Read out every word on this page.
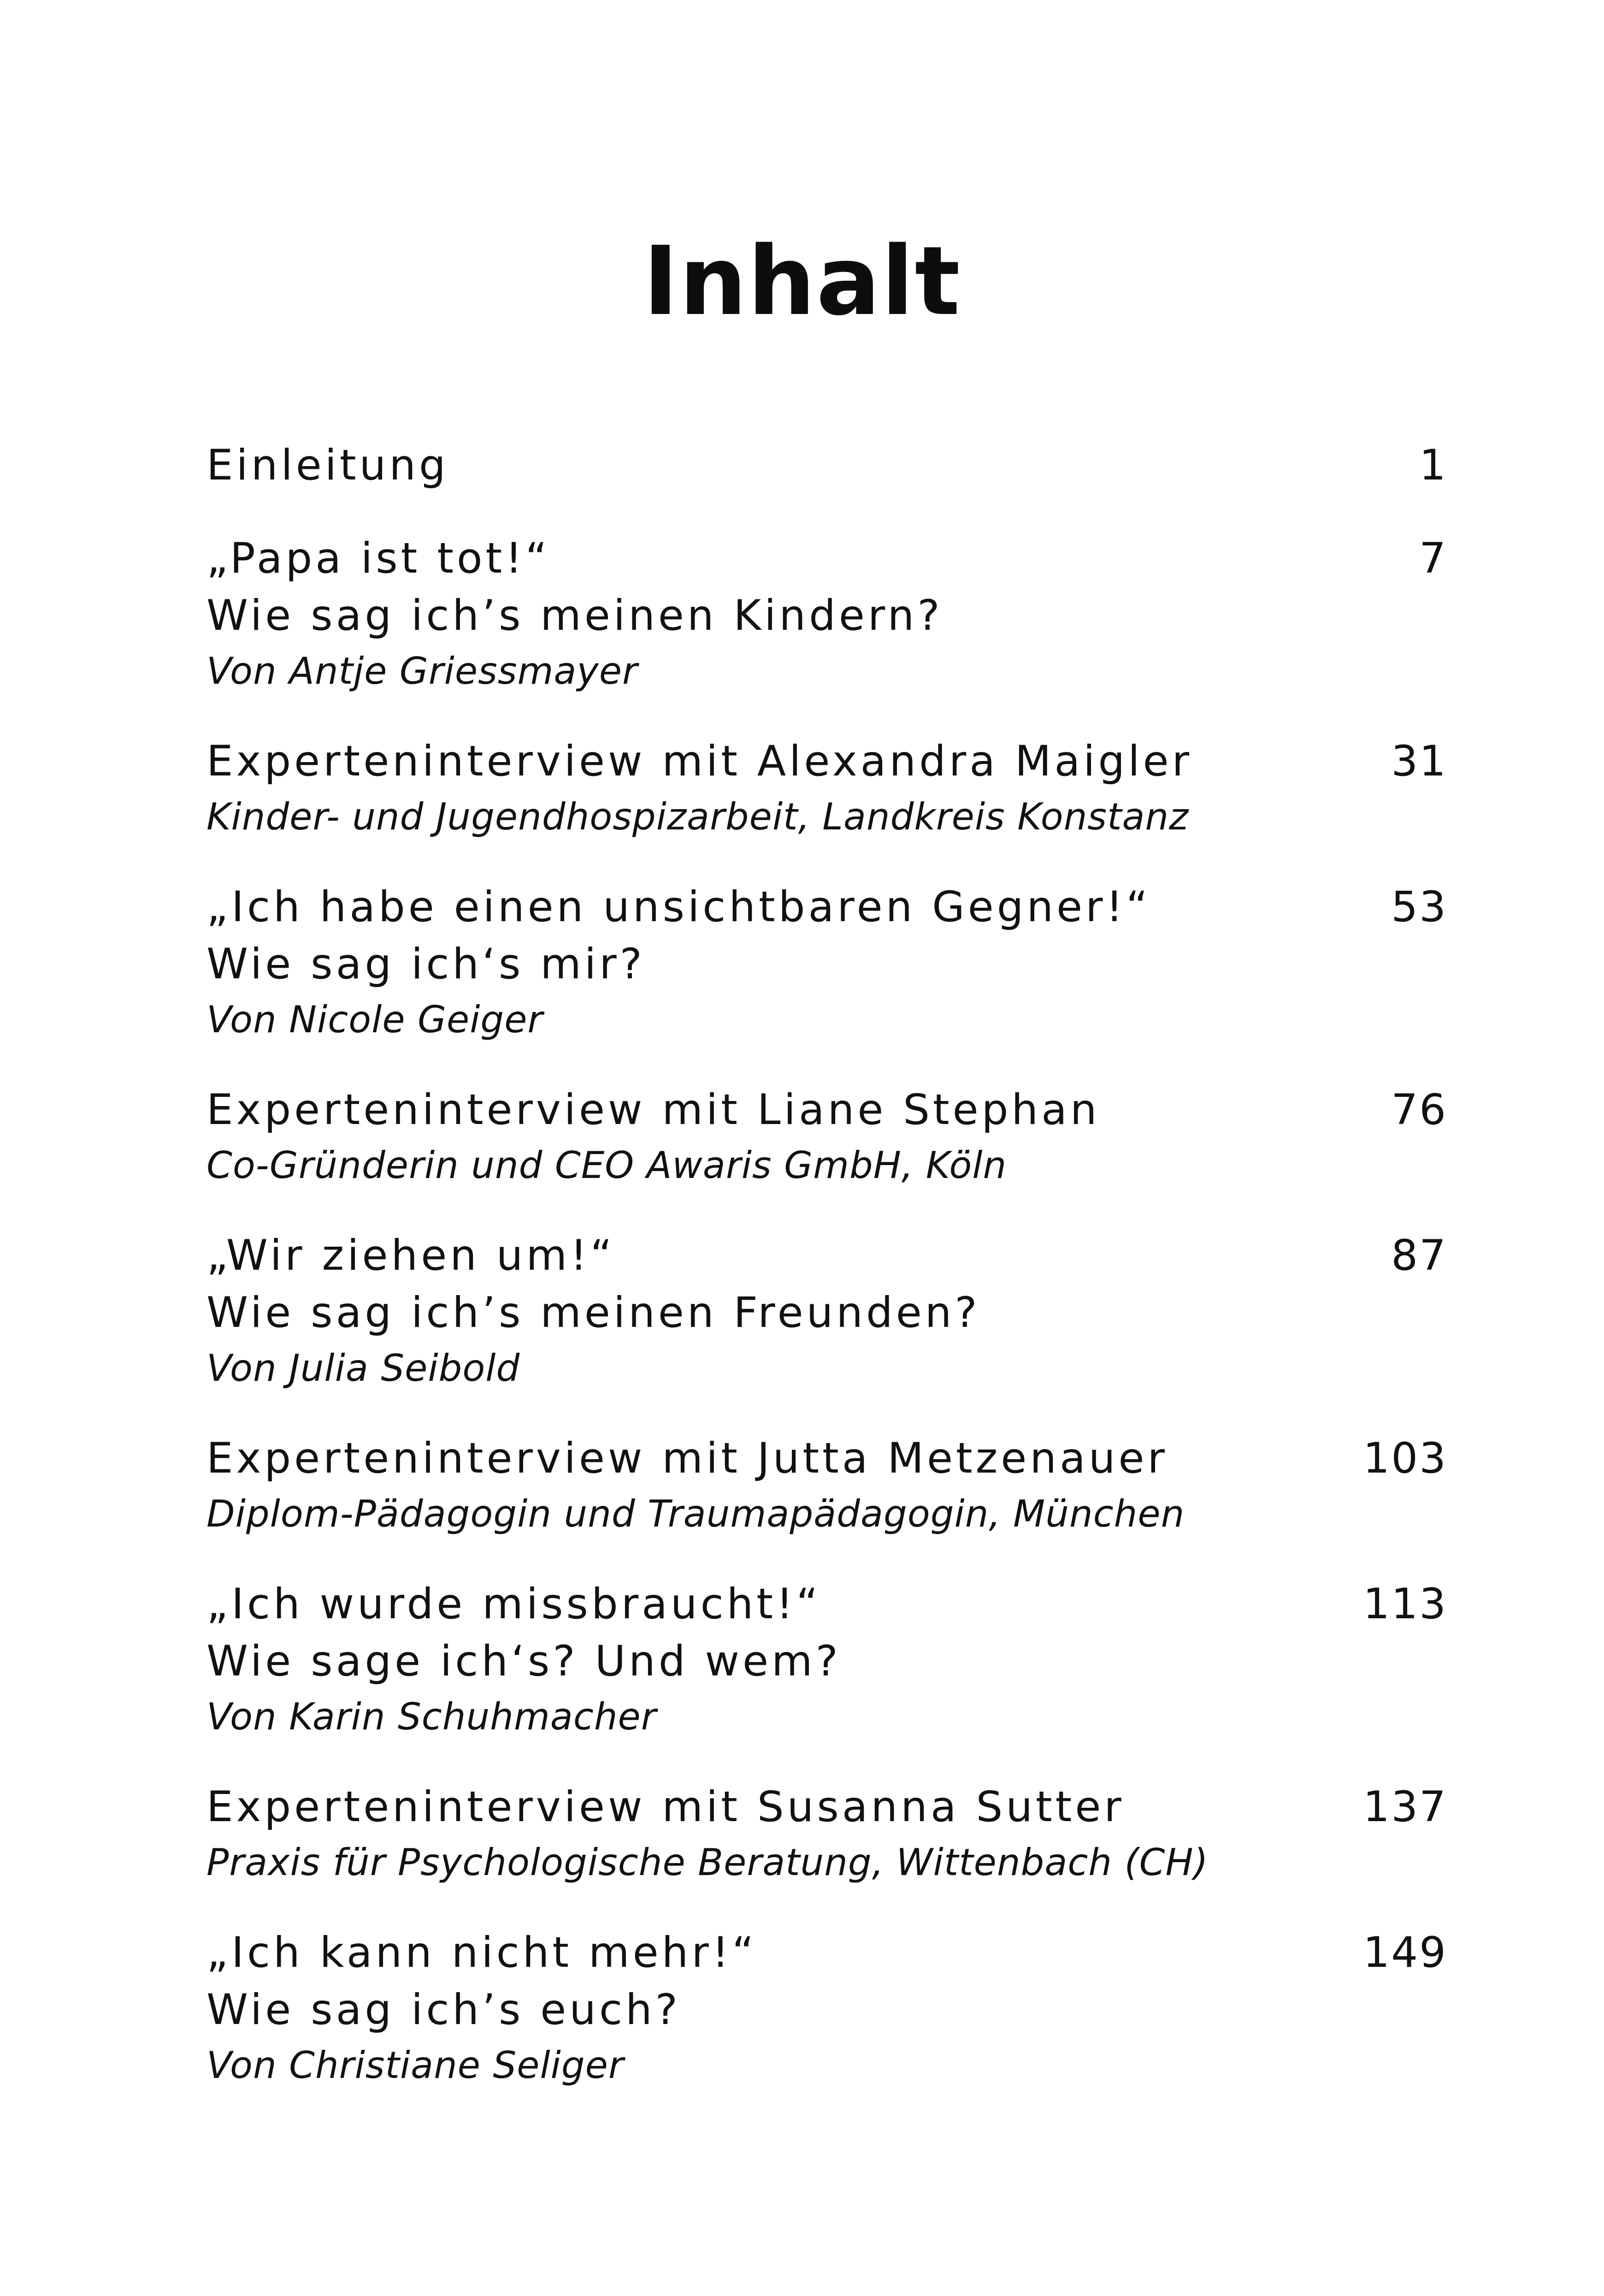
Inhalt
Einleitung	1
„Papa ist tot!“
Wie sag ich’s meinen Kindern?
Von Antje Griessmayer
7
Experteninterview mit Alexandra Maigler
Kinder- und Jugendhospizarbeit, Landkreis Konstanz
31
„Ich habe einen unsichtbaren Gegner!“
Wie sag ich‘s mir?
Von Nicole Geiger
53
Experteninterview mit Liane Stephan
Co-Gründerin und CEO Awaris GmbH, Köln
76
„Wir ziehen um!“
Wie sag ich’s meinen Freunden?
Von Julia Seibold
87
Experteninterview mit Jutta Metzenauer
Diplom-Pädagogin und Traumapädagogin, München
103
„Ich wurde missbraucht!“
Wie sage ich‘s? Und wem?
Von Karin Schuhmacher
113
Experteninterview mit Susanna Sutter
Praxis für Psychologische Beratung, Wittenbach (CH)
137
„Ich kann nicht mehr!“
Wie sag ich’s euch?
Von Christiane Seliger
149
